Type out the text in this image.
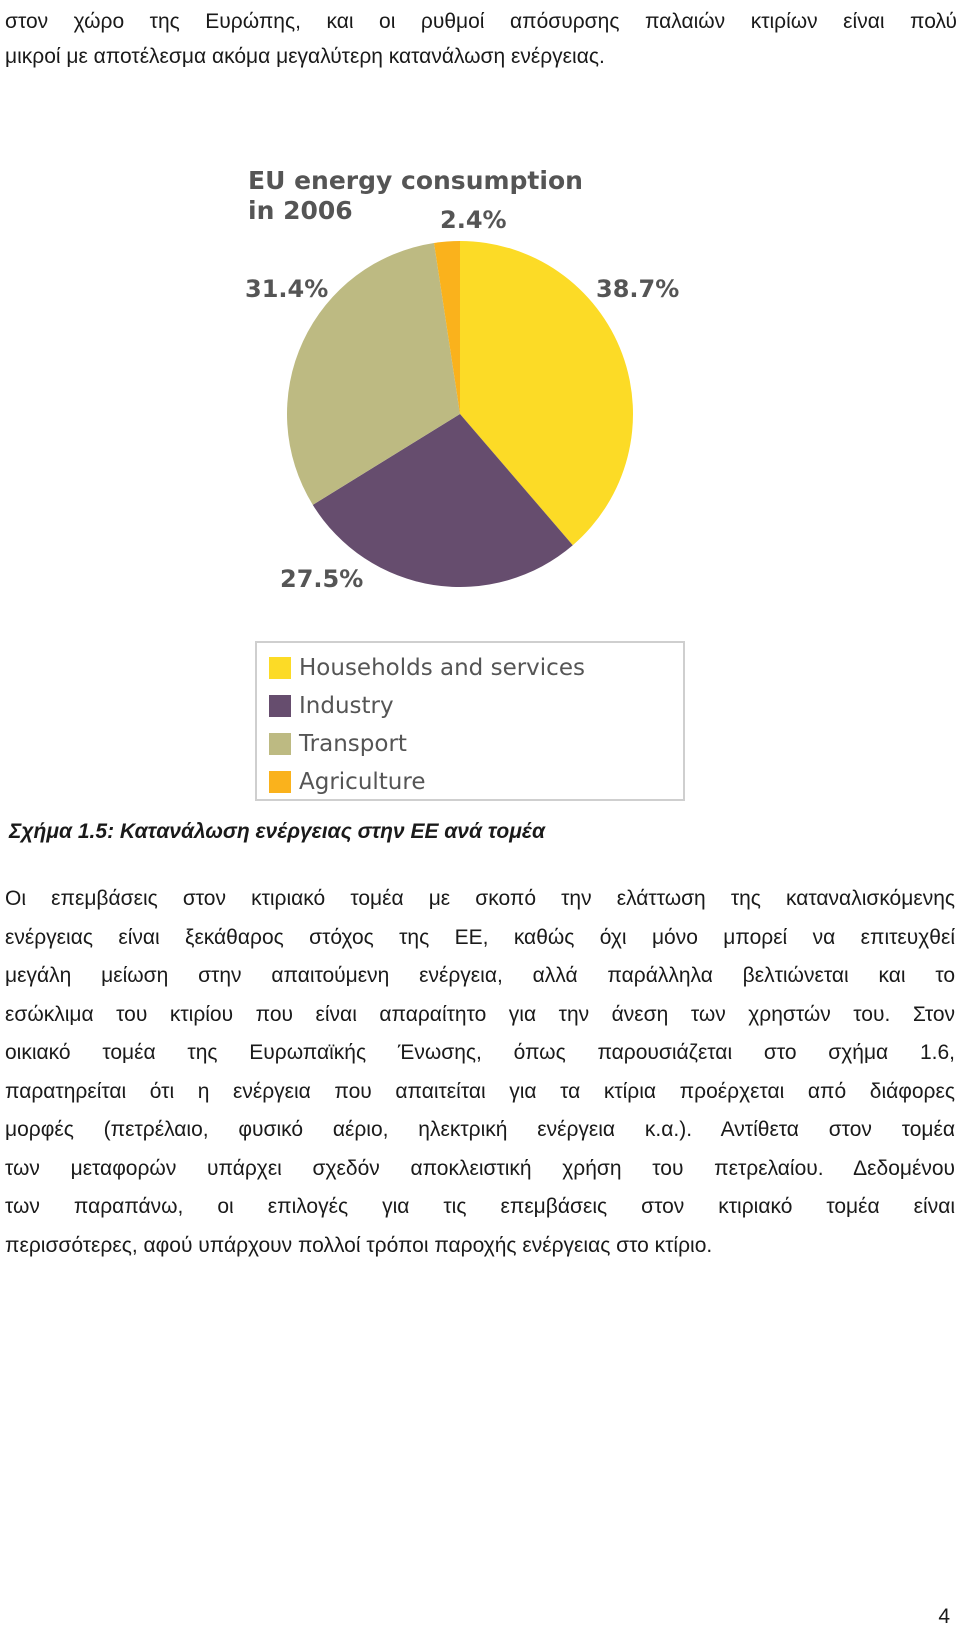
στον χώρο της Ευρώπης, και οι ρυθμοί απόσυρσης παλαιών κτιρίων είναι πολύ
μικροί με αποτέλεσμα ακόμα μεγαλύτερη κατανάλωση ενέργειας.
EU energy consumption
in 2006
38.7%
27.5%
31.4%
2.4%
Households and services
Industry
Transport
Agriculture
Σχήμα 1.5: Κατανάλωση ενέργειας στην ΕΕ ανά τομέα
Οι επεμβάσεις στον κτιριακό τομέα με σκοπό την ελάττωση της καταναλισκόμενης
ενέργειας είναι ξεκάθαρος στόχος της ΕΕ, καθώς όχι μόνο μπορεί να επιτευχθεί
μεγάλη μείωση στην απαιτούμενη ενέργεια, αλλά παράλληλα βελτιώνεται και το
εσώκλιμα του κτιρίου που είναι απαραίτητο για την άνεση των χρηστών του. Στον
οικιακό τομέα της Ευρωπαϊκής Ένωσης, όπως παρουσιάζεται στο σχήμα 1.6,
παρατηρείται ότι η ενέργεια που απαιτείται για τα κτίρια προέρχεται από διάφορες
μορφές (πετρέλαιο, φυσικό αέριο, ηλεκτρική ενέργεια κ.α.). Αντίθετα στον τομέα
των μεταφορών υπάρχει σχεδόν αποκλειστική χρήση του πετρελαίου. Δεδομένου
των παραπάνω, οι επιλογές για τις επεμβάσεις στον κτιριακό τομέα είναι
περισσότερες, αφού υπάρχουν πολλοί τρόποι παροχής ενέργειας στο κτίριο.
4
